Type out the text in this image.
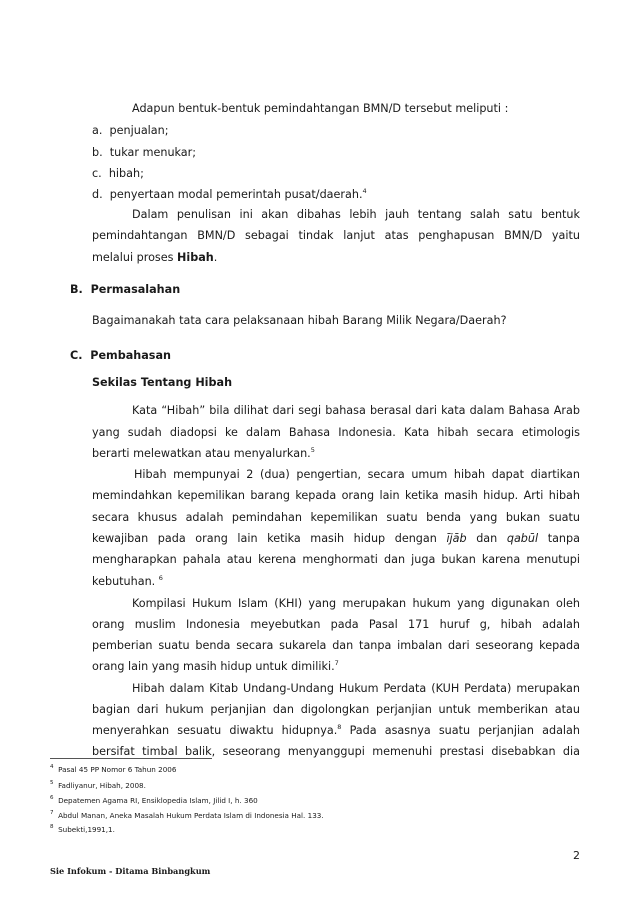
Adapun bentuk-bentuk pemindahtangan BMN/D tersebut meliputi :
a. penjualan;
b. tukar menukar;
c. hibah;
d. penyertaan modal pemerintah pusat/daerah.$^4$
Dalam penulisan ini akan dibahas lebih jauh tentang salah satu bentuk
pemindahtangan BMN/D sebagai tindak lanjut atas penghapusan BMN/D yaitu
melalui proses Hibah.
B. Permasalahan
Bagaimanakah tata cara pelaksanaan hibah Barang Milik Negara/Daerah?
C. Pembahasan
Sekilas Tentang Hibah
Kata “Hibah” bila dilihat dari segi bahasa berasal dari kata dalam Bahasa Arab
yang sudah diadopsi ke dalam Bahasa Indonesia. Kata hibah secara etimologis
berarti melewatkan atau menyalurkan.$^5$
Hibah mempunyai 2 (dua) pengertian, secara umum hibah dapat diartikan
memindahkan kepemilikan barang kepada orang lain ketika masih hidup. Arti hibah
secara khusus adalah pemindahan kepemilikan suatu benda yang bukan suatu
kewajiban pada orang lain ketika masih hidup dengan ījāb dan qabūl tanpa
mengharapkan pahala atau kerena menghormati dan juga bukan karena menutupi
kebutuhan. $^6$
Kompilasi Hukum Islam (KHI) yang merupakan hukum yang digunakan oleh
orang muslim Indonesia meyebutkan pada Pasal 171 huruf g, hibah adalah
pemberian suatu benda secara sukarela dan tanpa imbalan dari seseorang kepada
orang lain yang masih hidup untuk dimiliki.$^7$
Hibah dalam Kitab Undang-Undang Hukum Perdata (KUH Perdata) merupakan
bagian dari hukum perjanjian dan digolongkan perjanjian untuk memberikan atau
menyerahkan sesuatu diwaktu hidupnya.$^8$ Pada asasnya suatu perjanjian adalah
bersifat timbal balik, seseorang menyanggupi memenuhi prestasi disebabkan dia
$^4$ Pasal 45 PP Nomor 6 Tahun 2006
$^5$ Fadliyanur, Hibah, 2008.
$^6$ Depatemen Agama RI, Ensiklopedia Islam, Jilid I, h. 360
$^7$ Abdul Manan, Aneka Masalah Hukum Perdata Islam di Indonesia Hal. 133.
$^8$ Subekti,1991,1.
2
Sie Infokum - Ditama Binbangkum
